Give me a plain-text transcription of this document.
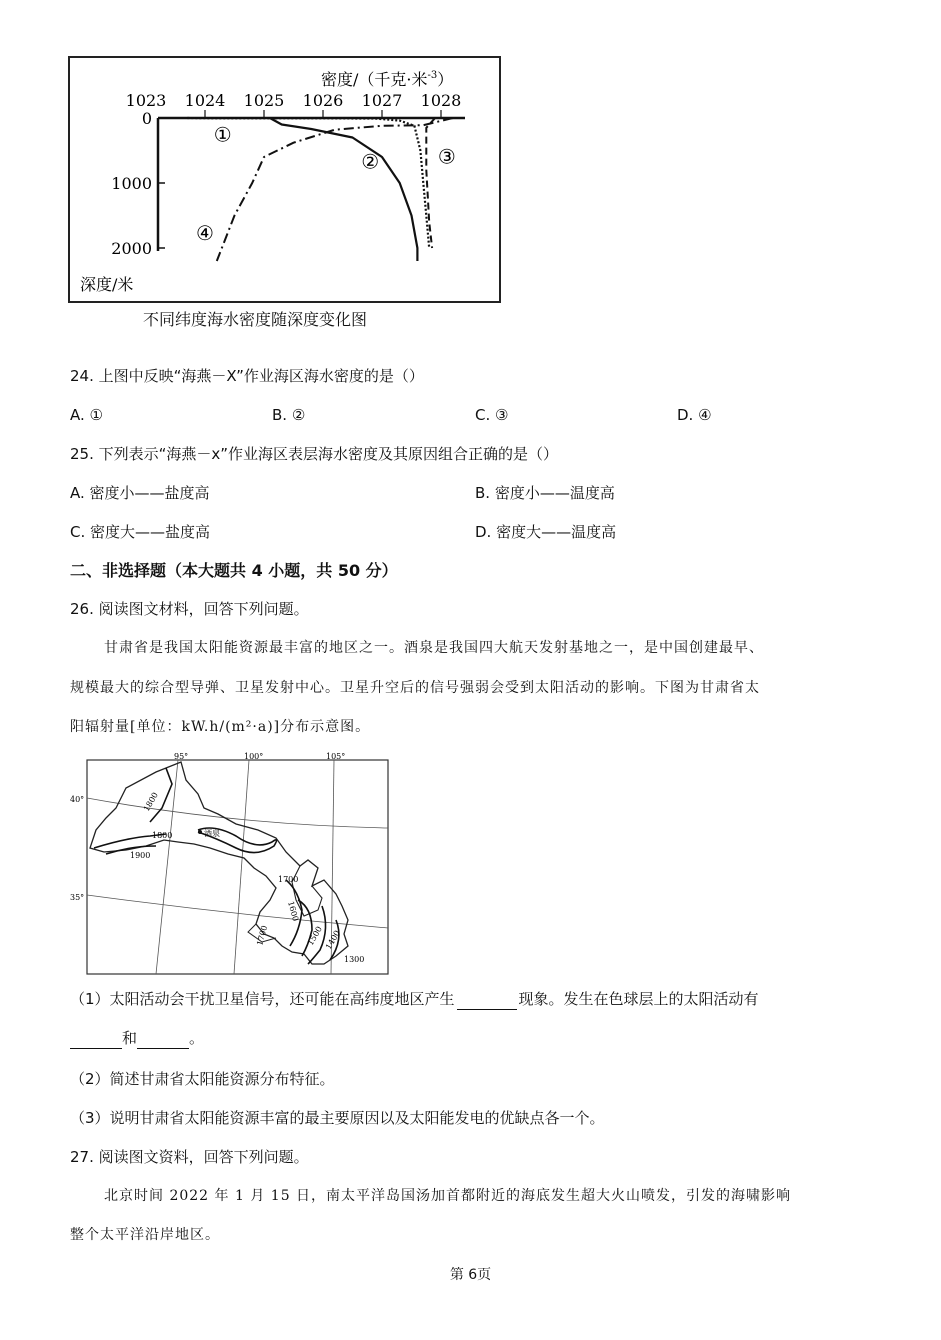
密度/（千克·米$^{-3}$）
1023 1024 1025 1026 1027 1028
0
1000
2000
①
②	③
④
深度/米
不同纬度海水密度随深度变化图
24. 上图中反映“海燕－X”作业海区海水密度的是（）
A. ①	B. ②	C. ③	D. ④
25. 下列表示“海燕－x”作业海区表层海水密度及其原因组合正确的是（）
A. 密度小——盐度高	B. 密度小——温度高
C. 密度大——盐度高	D. 密度大——温度高
二、非选择题（本大题共 4 小题，共 50 分）
26. 阅读图文材料，回答下列问题。
甘肃省是我国太阳能资源最丰富的地区之一。酒泉是我国四大航天发射基地之一，是中国创建最早、
规模最大的综合型导弹、卫星发射中心。卫星升空后的信号强弱会受到太阳活动的影响。下图为甘肃省太
阳辐射量[单位：kW.h/(m²·a)]分布示意图。
95°	100°	105°
40°
35°
1800
1800
1900
1700
1600
1700	1500 1400
1300
酒泉
（1）太阳活动会干扰卫星信号，还可能在高纬度地区产生	现象。发生在色球层上的太阳活动有
和	。
（2）简述甘肃省太阳能资源分布特征。
（3）说明甘肃省太阳能资源丰富的最主要原因以及太阳能发电的优缺点各一个。
27. 阅读图文资料，回答下列问题。
北京时间 2022 年 1 月 15 日，南太平洋岛国汤加首都附近的海底发生超大火山喷发，引发的海啸影响
整个太平洋沿岸地区。
第 6页
